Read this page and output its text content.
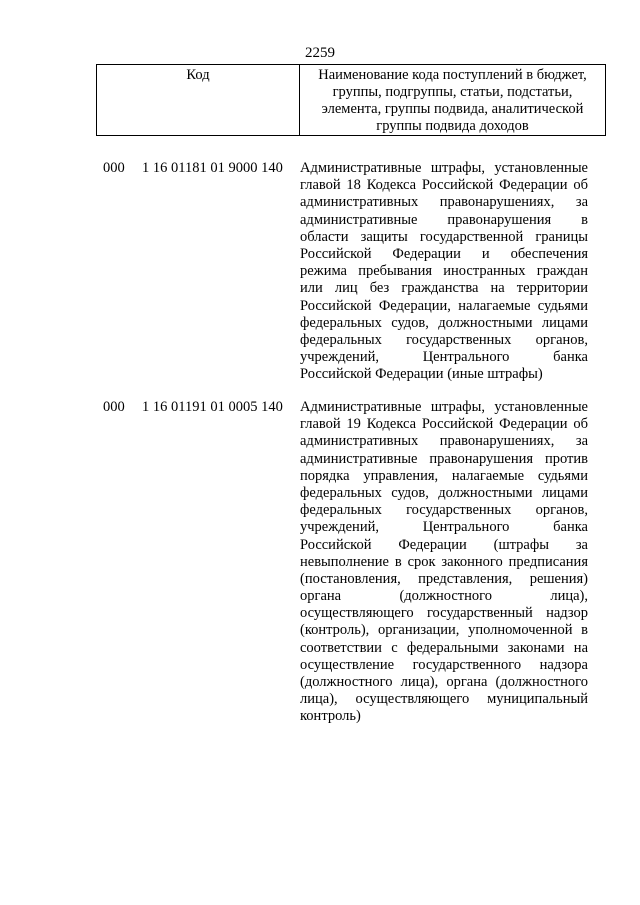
2259
Код	Наименование кода поступлений в бюджет,
группы, подгруппы, статьи, подстатьи,
элемента, группы подвида, аналитической
группы подвида доходов
000 1 16 01181 01 9000 140 Административные штрафы, установленные
главой 18 Кодекса Российской Федерации об
административных правонарушениях, за
административные правонарушения в
области защиты государственной границы
Российской Федерации и обеспечения
режима пребывания иностранных граждан
или лиц без гражданства на территории
Российской Федерации, налагаемые судьями
федеральных судов, должностными лицами
федеральных государственных органов,
учреждений, Центрального банка
Российской Федерации (иные штрафы)
000 1 16 01191 01 0005 140 Административные штрафы, установленные
главой 19 Кодекса Российской Федерации об
административных правонарушениях, за
административные правонарушения против
порядка управления, налагаемые судьями
федеральных судов, должностными лицами
федеральных государственных органов,
учреждений, Центрального банка
Российской Федерации (штрафы за
невыполнение в срок законного предписания
(постановления, представления, решения)
органа (должностного лица),
осуществляющего государственный надзор
(контроль), организации, уполномоченной в
соответствии с федеральными законами на
осуществление государственного надзора
(должностного лица), органа (должностного
лица), осуществляющего муниципальный
контроль)
